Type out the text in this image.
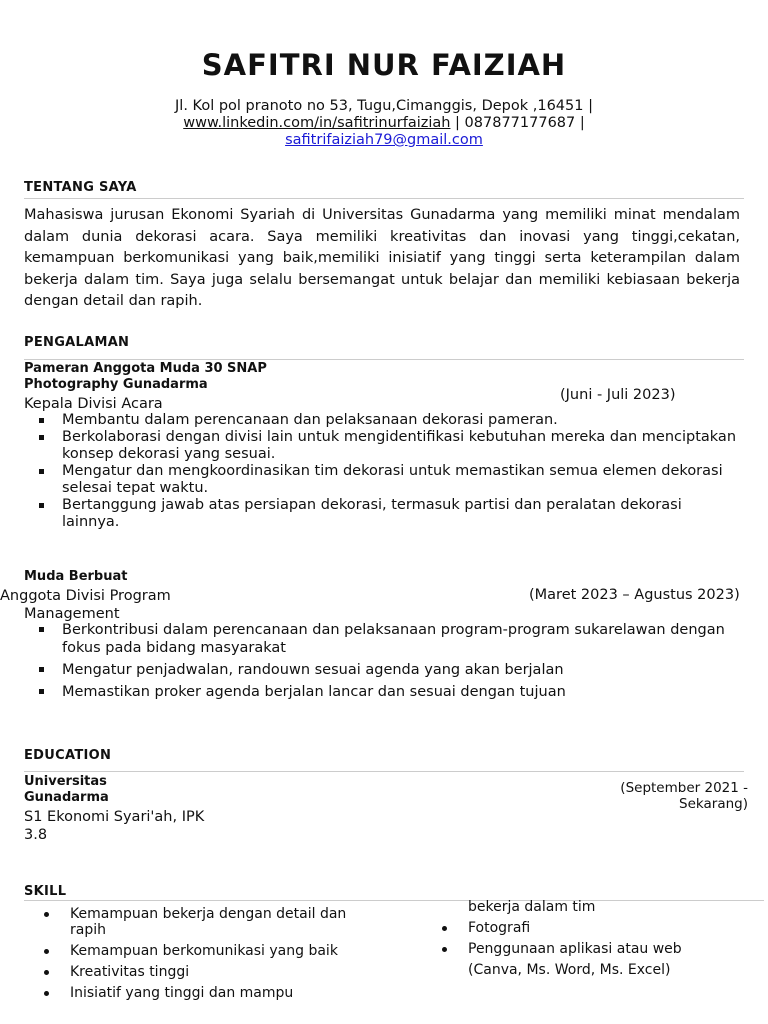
SAFITRI NUR FAIZIAH
Jl. Kol pol pranoto no 53, Tugu,Cimanggis, Depok ,16451 |
www.linkedin.com/in/safitrinurfaiziah | 087877177687 |
safitrifaiziah79@gmail.com
TENTANG SAYA
Mahasiswa jurusan Ekonomi Syariah di Universitas Gunadarma yang memiliki minat mendalam dalam dunia dekorasi acara. Saya memiliki kreativitas dan inovasi yang tinggi,cekatan, kemampuan berkomunikasi yang baik,memiliki inisiatif yang tinggi serta keterampilan dalam bekerja dalam tim. Saya juga selalu bersemangat untuk belajar dan memiliki kebiasaan bekerja dengan detail dan rapih.
PENGALAMAN
Pameran Anggota Muda 30 SNAP
Photography Gunadarma
(Juni - Juli 2023)
Kepala Divisi Acara
Membantu dalam perencanaan dan pelaksanaan dekorasi pameran.
Berkolaborasi dengan divisi lain untuk mengidentifikasi kebutuhan mereka dan menciptakan konsep dekorasi yang sesuai.
Mengatur dan mengkoordinasikan tim dekorasi untuk memastikan semua elemen dekorasi selesai tepat waktu.
Bertanggung jawab atas persiapan dekorasi, termasuk partisi dan peralatan dekorasi lainnya.
Muda Berbuat
Anggota Divisi Program
Management
(Maret 2023 – Agustus 2023)
Berkontribusi dalam perencanaan dan pelaksanaan program-program sukarelawan dengan fokus pada bidang masyarakat
Mengatur penjadwalan, randouwn sesuai agenda yang akan berjalan
Memastikan proker agenda berjalan lancar dan sesuai dengan tujuan
EDUCATION
Universitas
Gunadarma
S1 Ekonomi Syari'ah, IPK
3.8
(September 2021 -
Sekarang)
SKILL
Kemampuan bekerja dengan detail dan rapih
Kemampuan berkomunikasi yang baik
Kreativitas tinggi
Inisiatif yang tinggi dan mampu
bekerja dalam tim
Fotografi
Penggunaan aplikasi atau web
(Canva, Ms. Word, Ms. Excel)
